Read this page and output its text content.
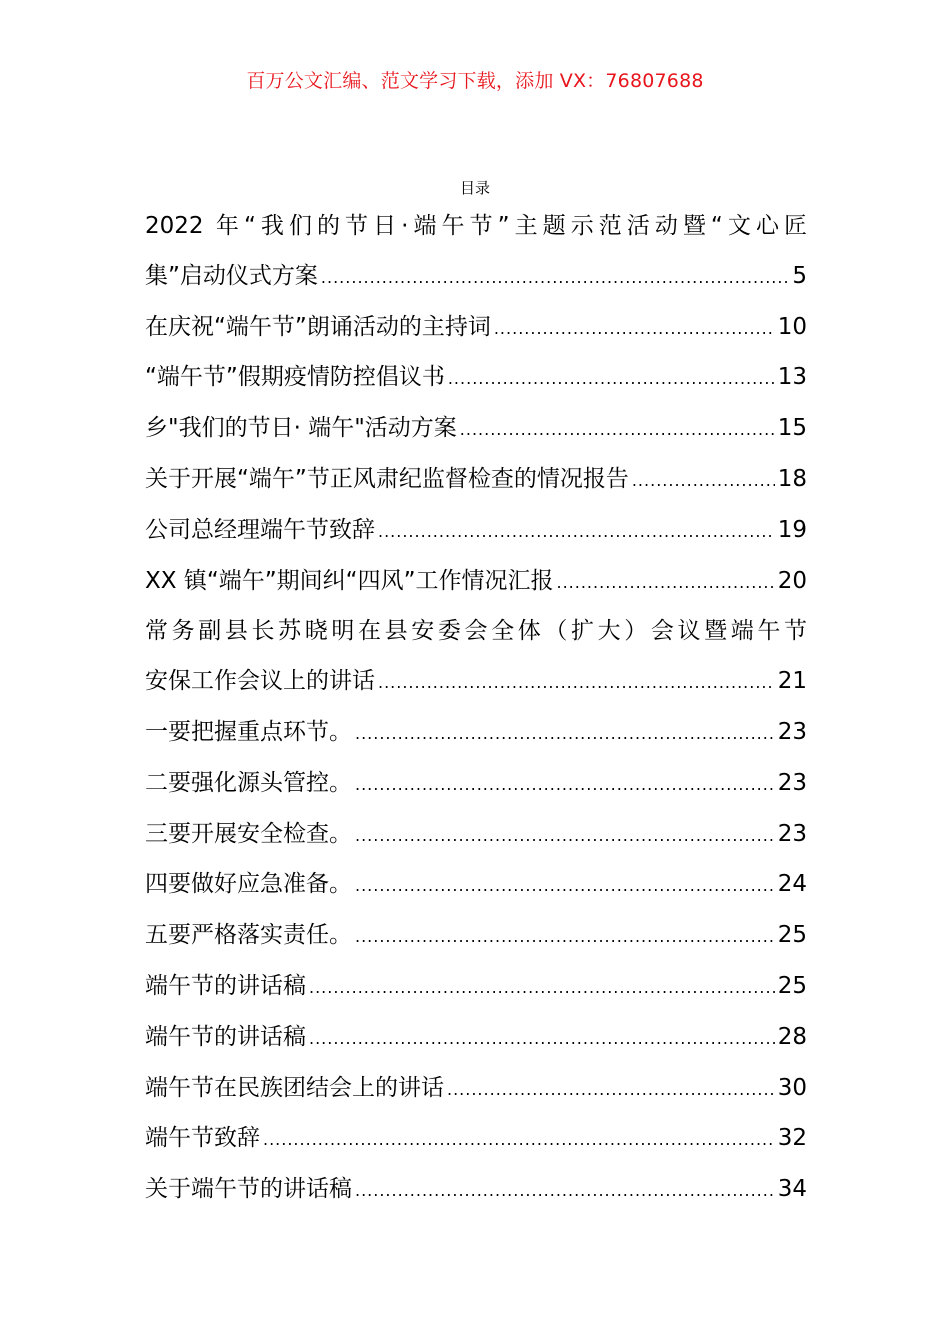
百万公文汇编、范文学习下载，添加 VX：76807688
目录
2022 年“我们的节日·端午节”主题示范活动暨“文心匠
集”启动仪式方案 .....	5
在庆祝“端午节”朗诵活动的主持词 .....	10
“端午节”假期疫情防控倡议书 .....	13
乡"我们的节日· 端午"活动方案 .....	15
关于开展“端午”节正风肃纪监督检查的情况报告 .....	18
公司总经理端午节致辞 .....	19
XX 镇“端午”期间纠“四风”工作情况汇报 .....	20
常务副县长苏晓明在县安委会全体（扩大）会议暨端午节
安保工作会议上的讲话 .....	21
一要把握重点环节。 .....	23
二要强化源头管控。 .....	23
三要开展安全检查。 .....	23
四要做好应急准备。 .....	24
五要严格落实责任。 .....	25
端午节的讲话稿 .....	25
端午节的讲话稿 .....	28
端午节在民族团结会上的讲话 .....	30
端午节致辞 .....	32
关于端午节的讲话稿 .....	34
